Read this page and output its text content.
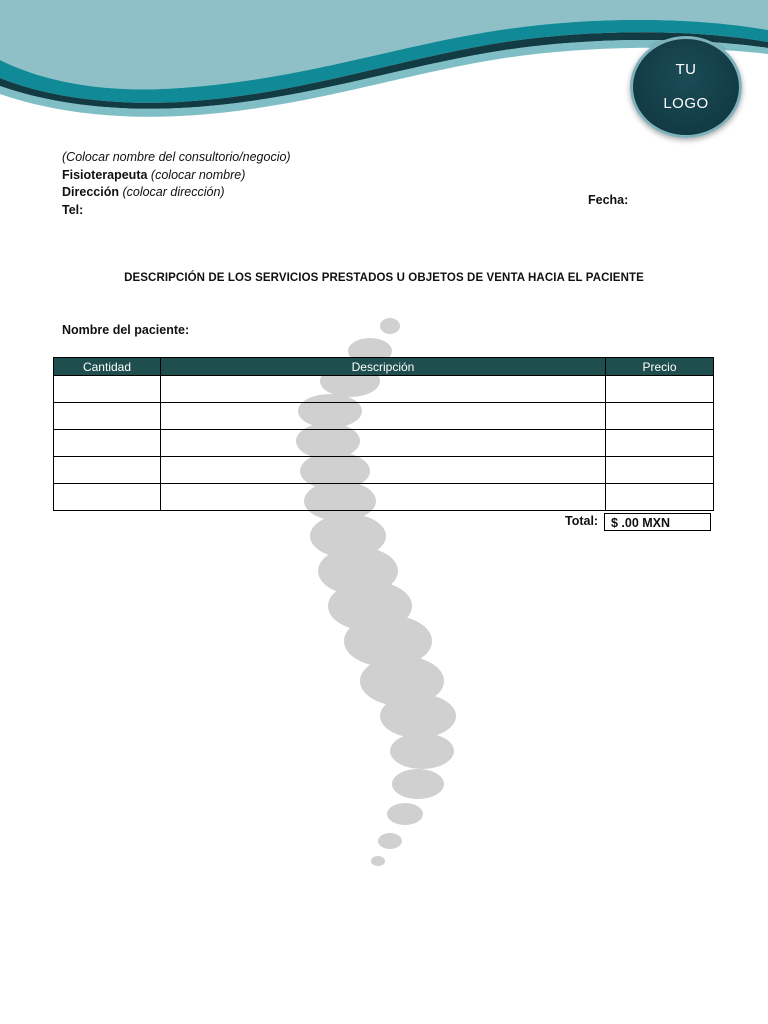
TU
LOGO
(Colocar nombre del consultorio/negocio)
Fisioterapeuta (colocar nombre)
Dirección (colocar dirección)
Tel:
Fecha:
DESCRIPCIÓN DE LOS SERVICIOS PRESTADOS U OBJETOS DE VENTA HACIA EL PACIENTE
Nombre del paciente:
Cantidad	Descripción	Precio

Total:	$ .00 MXN
